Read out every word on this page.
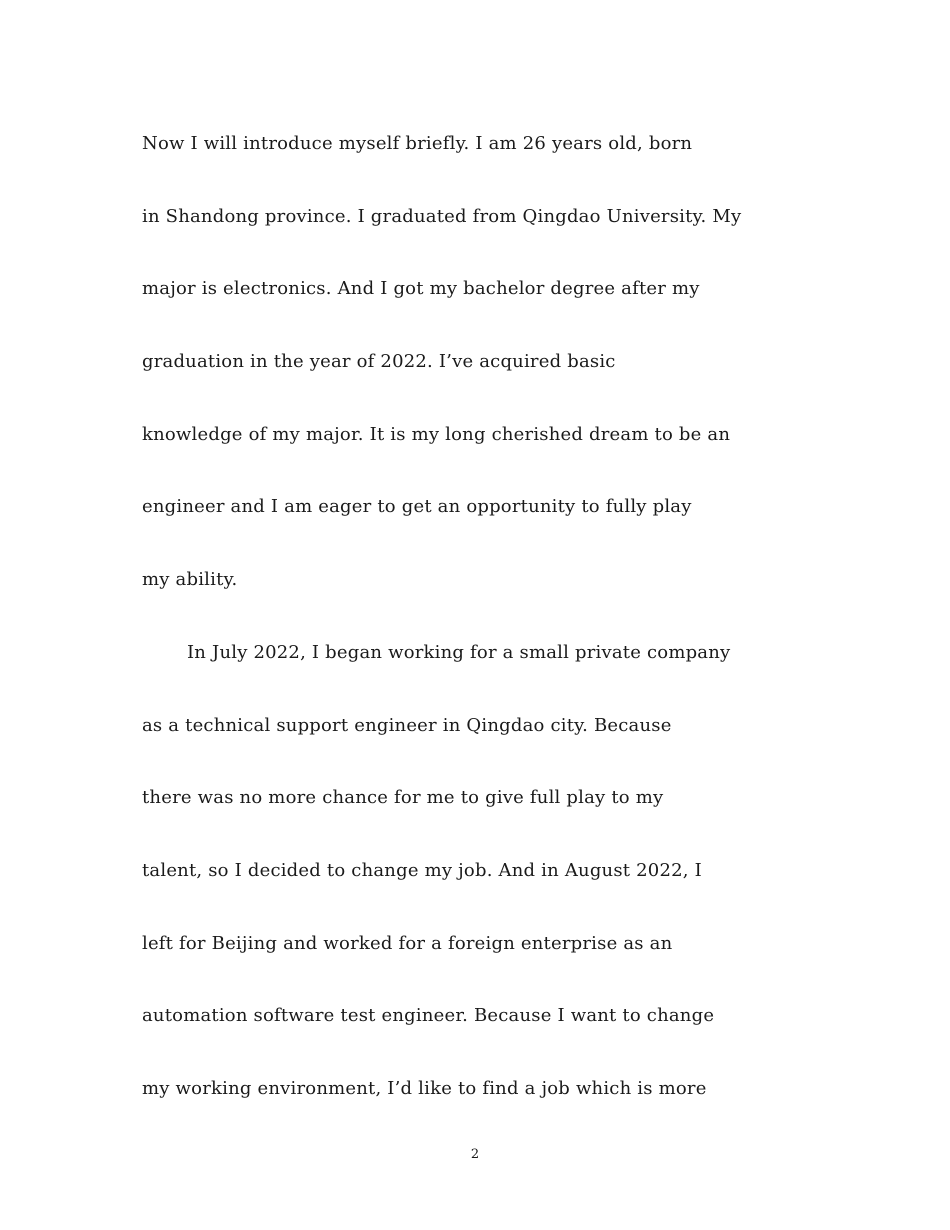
Now I will introduce myself briefly. I am 26 years old, born
in Shandong province. I graduated from Qingdao University. My
major is electronics. And I got my bachelor degree after my
graduation in the year of 2022. I’ve acquired basic
knowledge of my major. It is my long cherished dream to be an
engineer and I am eager to get an opportunity to fully play
my ability.
In July 2022, I began working for a small private company
as a technical support engineer in Qingdao city. Because
there was no more chance for me to give full play to my
talent, so I decided to change my job. And in August 2022, I
left for Beijing and worked for a foreign enterprise as an
automation software test engineer. Because I want to change
my working environment, I’d like to find a job which is more
2
